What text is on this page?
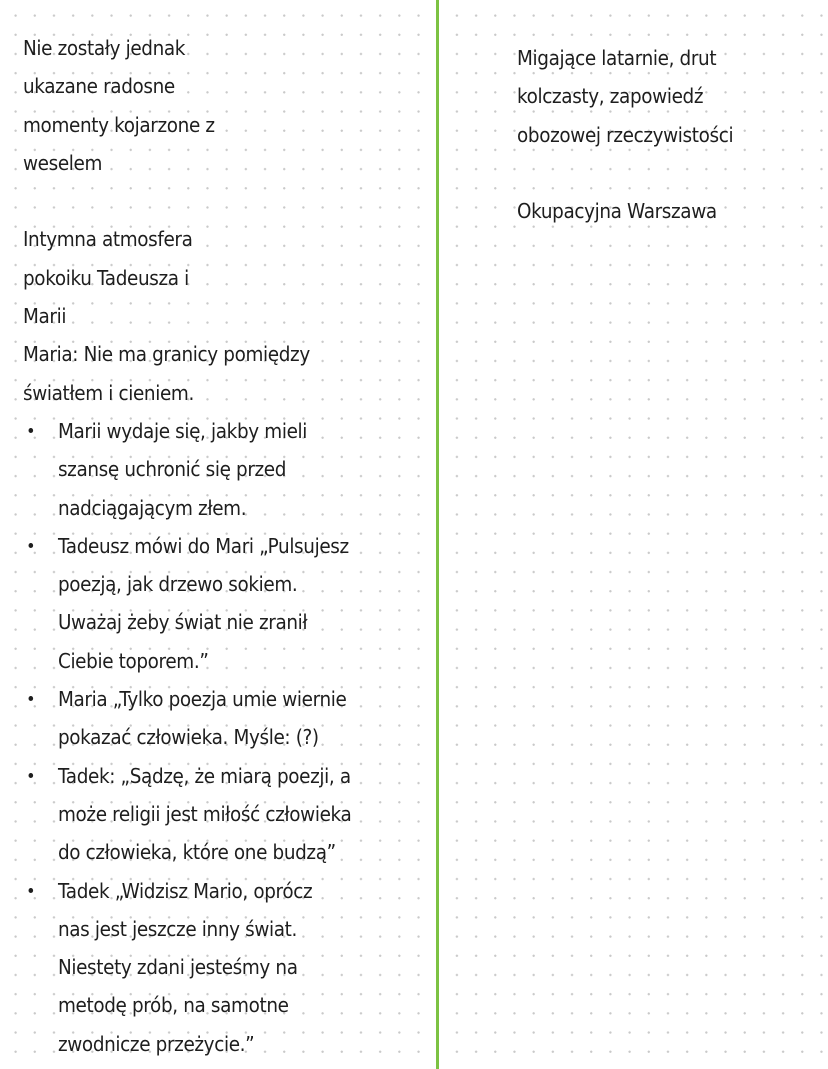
Nie zostały jednak
ukazane radosne
momenty kojarzone z
weselem
Intymna atmosfera
pokoiku Tadeusza i
Marii
Maria: Nie ma granicy pomiędzy
światłem i cieniem.
Marii wydaje się, jakby mieli
szansę uchronić się przed
nadciągającym złem.
Tadeusz mówi do Mari „Pulsujesz
poezją, jak drzewo sokiem.
Uważaj żeby świat nie zranił
Ciebie toporem.”
Maria „Tylko poezja umie wiernie
pokazać człowieka. Myśle: (?)
Tadek: „Sądzę, że miarą poezji, a
może religii jest miłość człowieka
do człowieka, które one budzą”
Tadek „Widzisz Mario, oprócz
nas jest jeszcze inny świat.
Niestety zdani jesteśmy na
metodę prób, na samotne
zwodnicze przeżycie.”
Migające latarnie, drut
kolczasty, zapowiedź
obozowej rzeczywistości
Okupacyjna Warszawa
